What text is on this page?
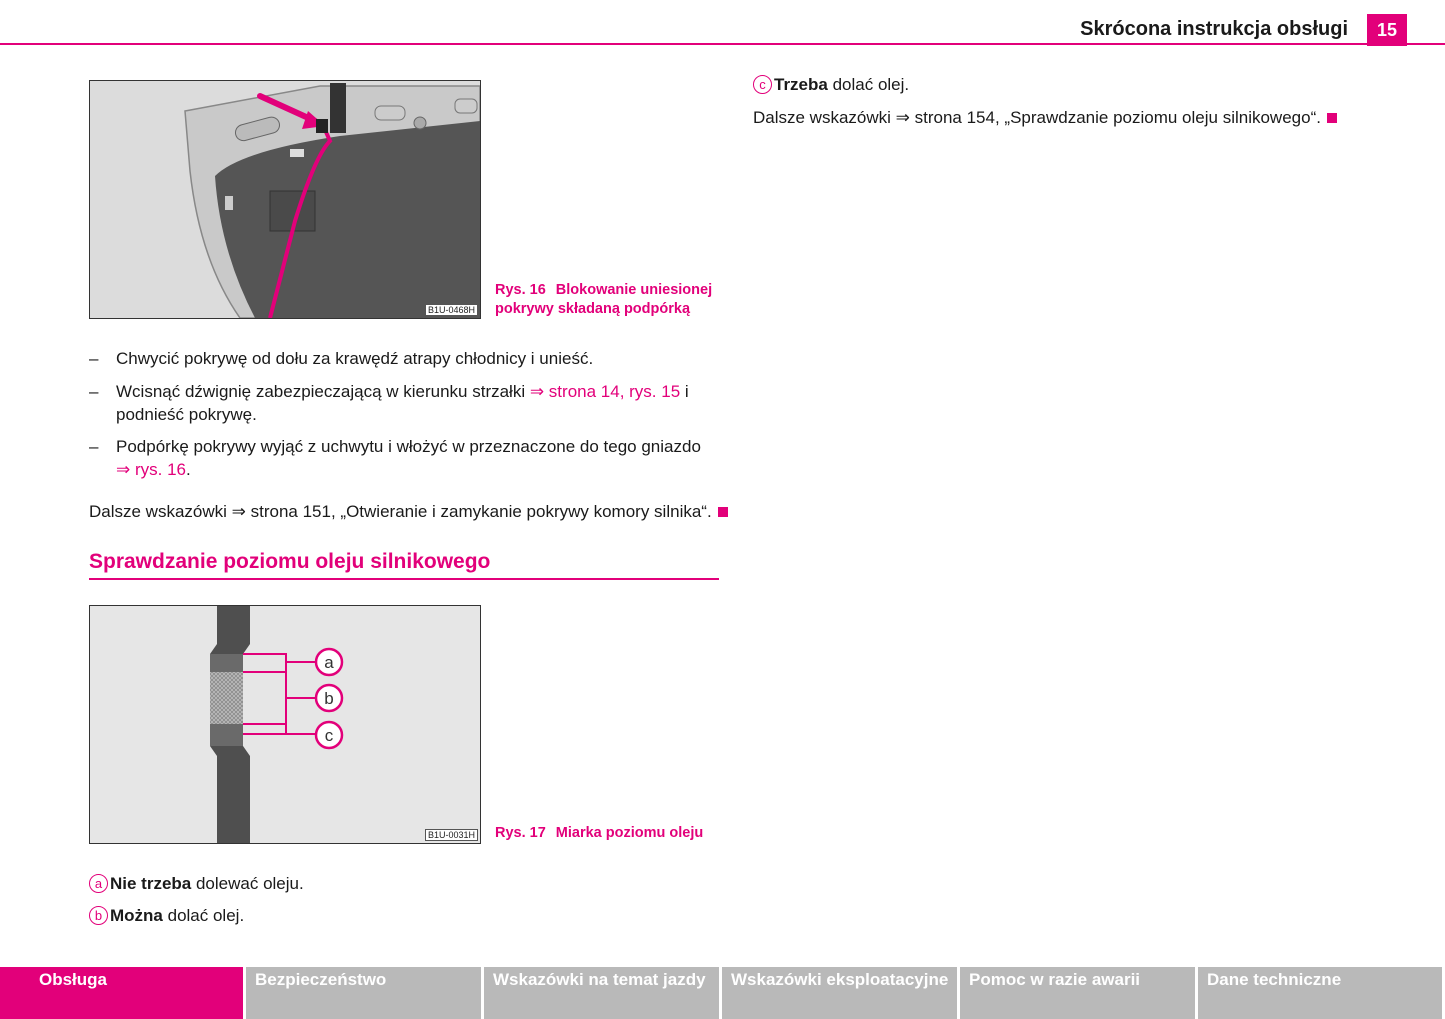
Skrócona instrukcja obsługi	15
B1U-0468H
Rys. 16 Blokowanie uniesionej
pokrywy składaną podpórką
– Chwycić pokrywę od dołu za krawędź atrapy chłodnicy i unieść.
– Wcisnąć dźwignię zabezpieczającą w kierunku strzałki ⇒ strona 14, rys. 15 i
podnieść pokrywę.
– Podpórkę pokrywy wyjąć z uchwytu i włożyć w przeznaczone do tego gniazdo
⇒ rys. 16.
Dalsze wskazówki ⇒ strona 151, „Otwieranie i zamykanie pokrywy komory silnika“.
Sprawdzanie poziomu oleju silnikowego
a
b
c
B1U-0031H Rys. 17 Miarka poziomu oleju
a Nie trzeba dolewać oleju.
b Można dolać olej.
c Trzeba dolać olej.
Dalsze wskazówki ⇒ strona 154, „Sprawdzanie poziomu oleju silnikowego“.
Obsługa	Bezpieczeństwo	Wskazówki na temat jazdy	Wskazówki eksploatacyjne	Pomoc w razie awarii	Dane techniczne
